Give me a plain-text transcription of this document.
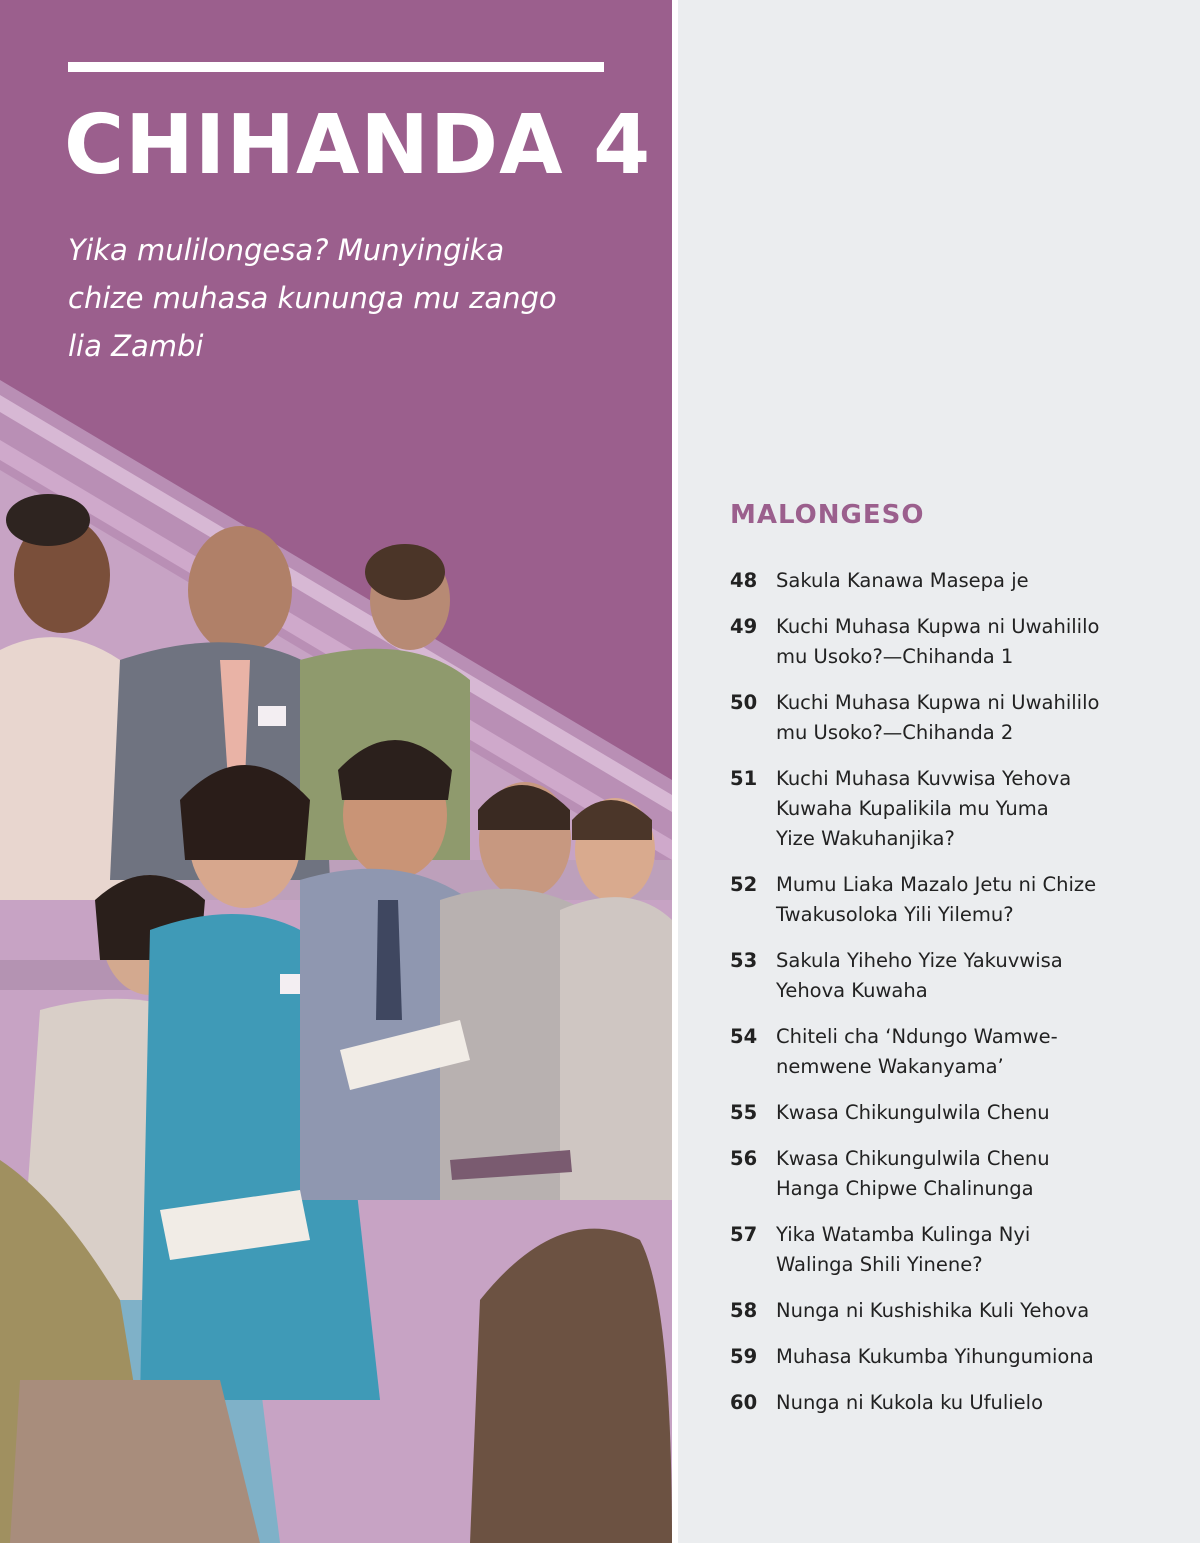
CHIHANDA 4

Yika mulilongesa? Munyingika chize muhasa kununga mu zango lia Zambi

MALONGESO
48 Sakula Kanawa Masepa je
49 Kuchi Muhasa Kupwa ni Uwahililo
mu Usoko?—Chihanda 1
50 Kuchi Muhasa Kupwa ni Uwahililo
mu Usoko?—Chihanda 2
51 Kuchi Muhasa Kuvwisa Yehova
Kuwaha Kupalikila mu Yuma
Yize Wakuhanjika?
52 Mumu Liaka Mazalo Jetu ni Chize
Twakusoloka Yili Yilemu?
53 Sakula Yiheho Yize Yakuvwisa
Yehova Kuwaha
54 Chiteli cha ‘Ndungo Wamwe-
nemwene Wakanyama’
55 Kwasa Chikungulwila Chenu
56 Kwasa Chikungulwila Chenu
Hanga Chipwe Chalinunga
57 Yika Watamba Kulinga Nyi
Walinga Shili Yinene?
58 Nunga ni Kushishika Kuli Yehova
59 Muhasa Kukumba Yihungumiona
60 Nunga ni Kukola ku Ufulielo
